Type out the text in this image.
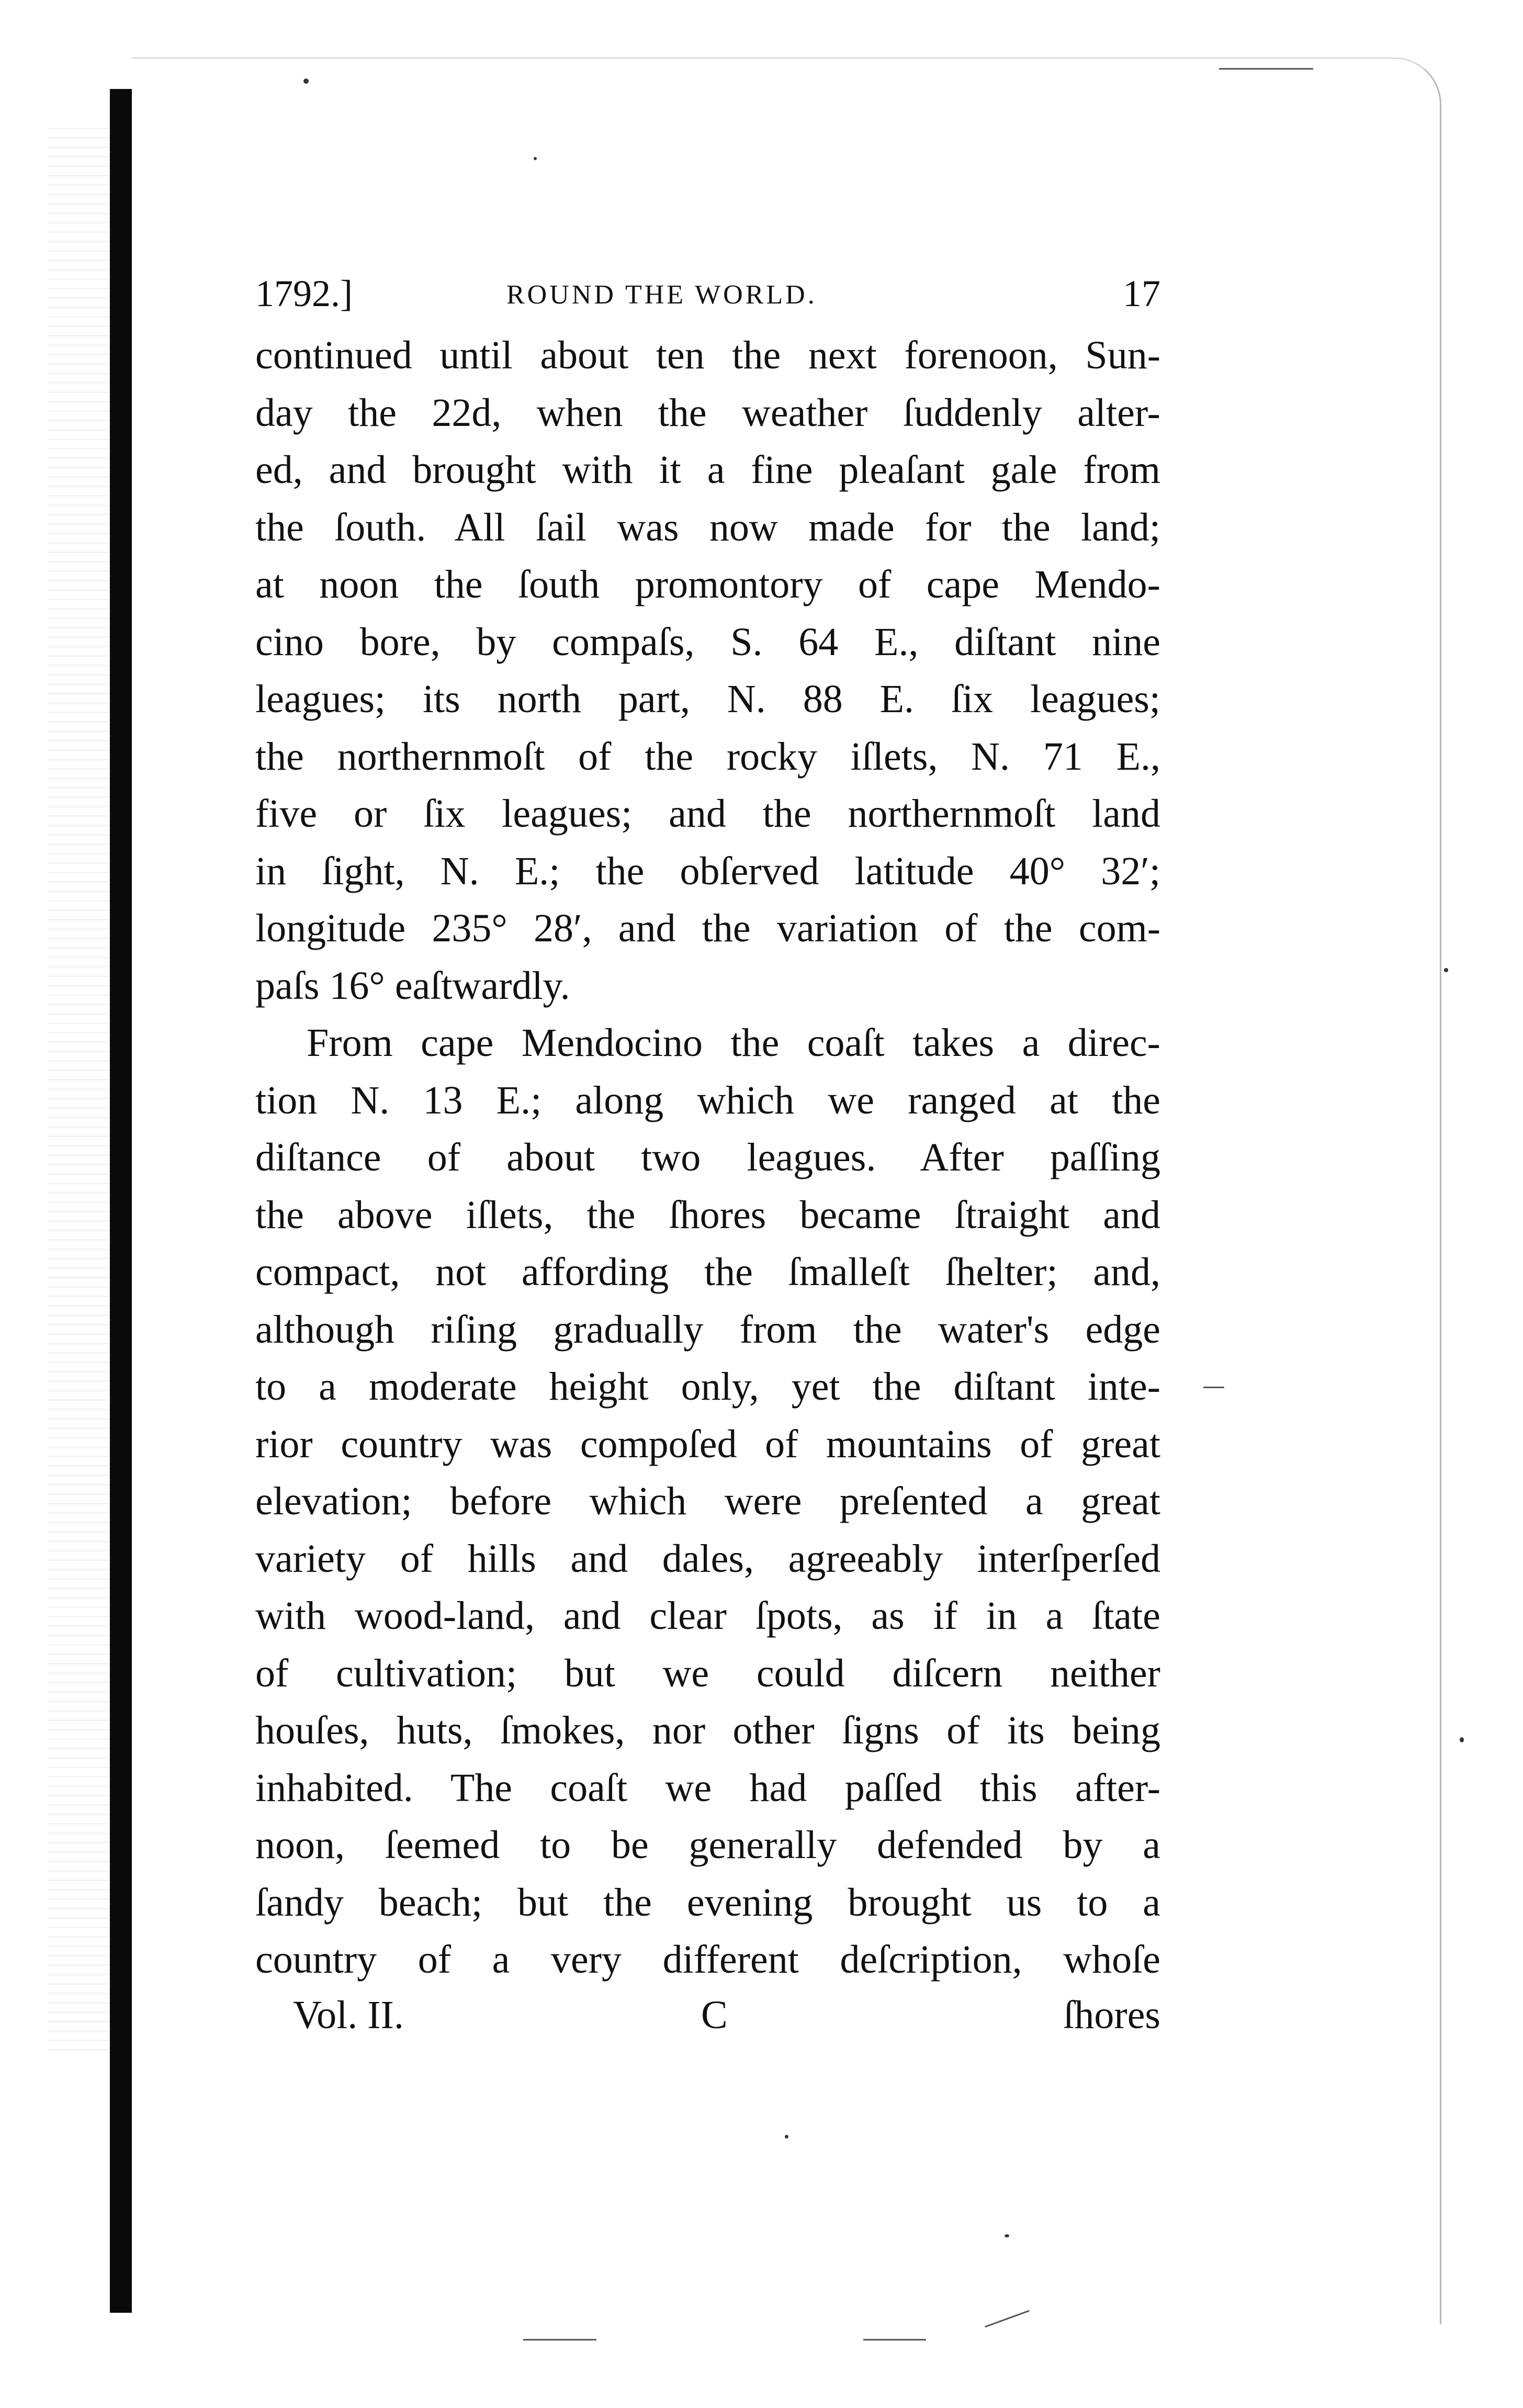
1792.]	ROUND THE WORLD.	17
continued until about ten the next forenoon, Sun-
day the 22d, when the weather ſuddenly alter-
ed, and brought with it a fine pleaſant gale from
the ſouth. All ſail was now made for the land;
at noon the ſouth promontory of cape Mendo-
cino bore, by compaſs, S. 64 E., diſtant nine
leagues; its north part, N. 88 E. ſix leagues;
the northernmoſt of the rocky iſlets, N. 71 E.,
five or ſix leagues; and the northernmoſt land
in ſight, N. E.; the obſerved latitude 40° 32′;
longitude 235° 28′, and the variation of the com-
paſs 16° eaſtwardly.
From cape Mendocino the coaſt takes a direc-
tion N. 13 E.; along which we ranged at the
diſtance of about two leagues. After paſſing
the above iſlets, the ſhores became ſtraight and
compact, not affording the ſmalleſt ſhelter; and,
although riſing gradually from the water's edge
to a moderate height only, yet the diſtant inte-
rior country was compoſed of mountains of great
elevation; before which were preſented a great
variety of hills and dales, agreeably interſperſed
with wood-land, and clear ſpots, as if in a ſtate
of cultivation; but we could diſcern neither
houſes, huts, ſmokes, nor other ſigns of its being
inhabited. The coaſt we had paſſed this after-
noon, ſeemed to be generally defended by a
ſandy beach; but the evening brought us to a
country of a very different deſcription, whoſe
Vol. II.	C	ſhores
